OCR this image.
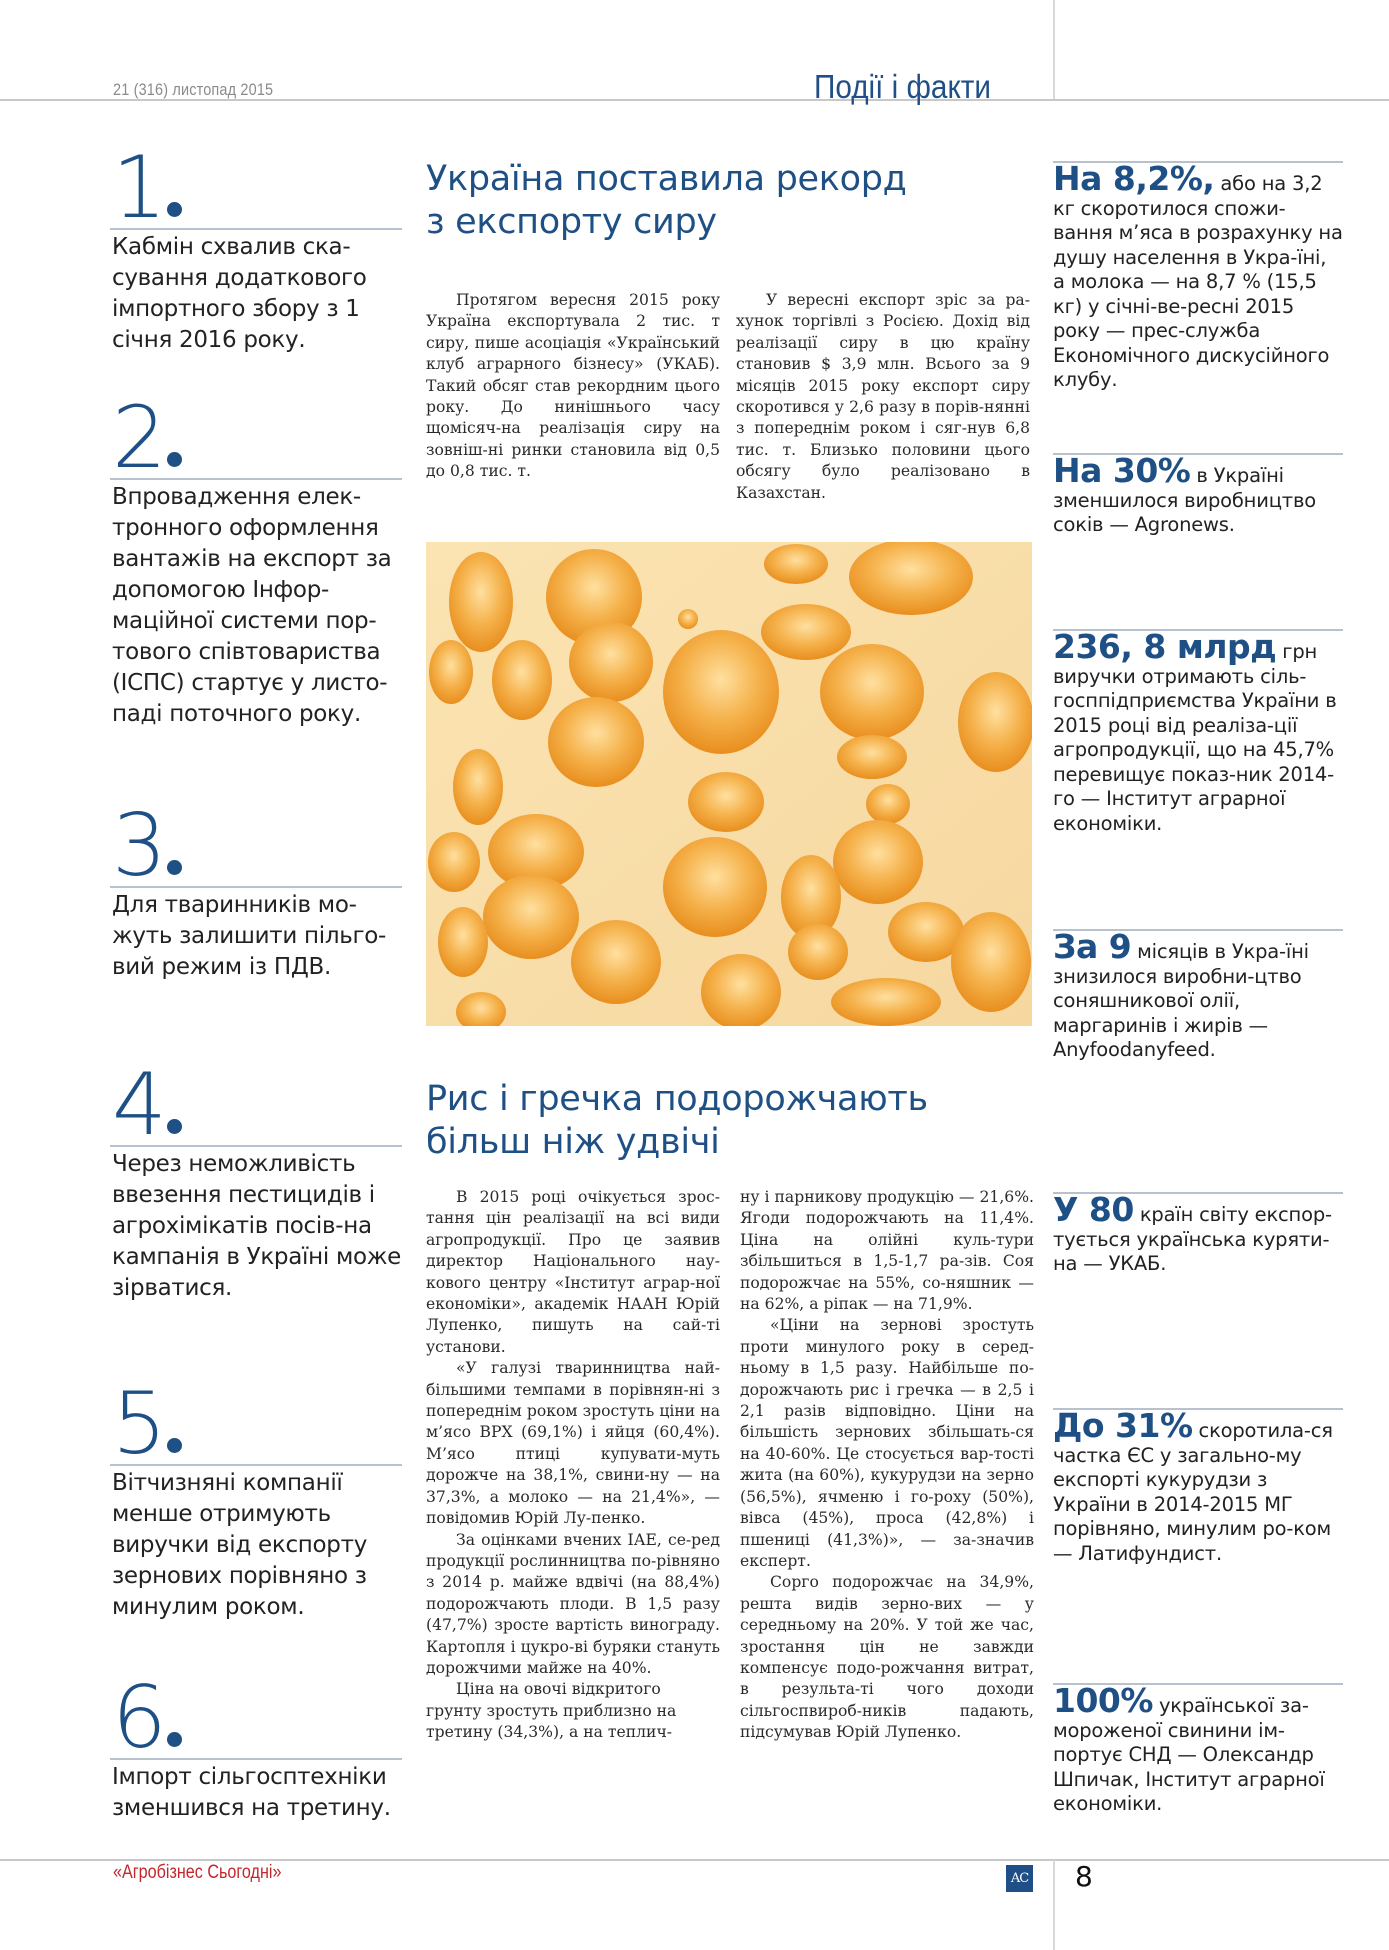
21 (316) листопад 2015	Події і факти
1
Кабмін схвалив ска-сування додаткового імпортного збору з 1 січня 2016 року.
2
Впровадження елек-тронного оформлення вантажів на експорт за допомогою Інфор-маційної системи пор-тового співтовариства (ІСПС) стартує у листо-паді поточного року.
3
Для тваринників мо-жуть залишити пільго-вий режим із ПДВ.
4
Через неможливість ввезення пестицидів і агрохімікатів посів-на кампанія в Україні може зірватися.
5
Вітчизняні компанії менше отримують виручки від експорту зернових порівняно з минулим роком.
6
Імпорт сільгосптехніки зменшився на третину.
Україна поставила рекорд
з експорту сиру

Протягом вересня 2015 року Україна експортувала 2 тис. т сиру, пише асоціація «Український клуб аграрного бізнесу» (УКАБ). Такий обсяг став рекордним цього року. До нинішнього часу щомісяч-на реалізація сиру на зовніш-ні ринки становила від 0,5 до 0,8 тис. т.

У вересні експорт зріс за ра-хунок торгівлі з Росією. Дохід від реалізації сиру в цю країну становив $ 3,9 млн. Всього за 9 місяців 2015 року експорт сиру скоротився у 2,6 разу в порів-нянні з попереднім роком і сяг-нув 6,8 тис. т. Близько половини цього обсягу було реалізовано в Казахстан.

Рис і гречка подорожчають
більш ніж удвічі

В 2015 році очікується зрос-тання цін реалізації на всі види агропродукції. Про це заявив директор Національного нау-кового центру «Інститут аграр-ної економіки», академік НААН Юрій Лупенко, пишуть на сай-ті установи.

«У галузі тваринництва най-більшими темпами в порівнян-ні з попереднім роком зростуть ціни на м’ясо ВРХ (69,1%) і яйця (60,4%). М’ясо птиці купувати-муть дорожче на 38,1%, свини-ну — на 37,3%, а молоко — на 21,4%», — повідомив Юрій Лу-пенко.

За оцінками вчених ІАЕ, се-ред продукції рослинництва по-рівняно з 2014 р. майже вдвічі (на 88,4%) подорожчають плоди. В 1,5 разу (47,7%) зросте вартість винограду. Картопля і цукро-ві буряки стануть дорожчими майже на 40%.

Ціна на овочі відкритого грунту зростуть приблизно на третину (34,3%), а на теплич-

ну і парникову продукцію — 21,6%. Ягоди подорожчають на 11,4%. Ціна на олійні куль-тури збільшиться в 1,5-1,7 ра-зів. Соя подорожчає на 55%, со-няшник — на 62%, а ріпак — на 71,9%.

«Ціни на зернові зростуть проти минулого року в серед-ньому в 1,5 разу. Найбільше по-дорожчають рис і гречка — в 2,5 і 2,1 разів відповідно. Ціни на більшість зернових збільшать-ся на 40-60%. Це стосується вар-тості жита (на 60%), кукурудзи на зерно (56,5%), ячменю і го-роху (50%), вівса (45%), проса (42,8%) і пшениці (41,3%)», — за-значив експерт.

Сорго подорожчає на 34,9%, решта видів зерно-вих — у середньому на 20%. У той же час, зростання цін не завжди компенсує подо-рожчання витрат, в результа-ті чого доходи сільгоспвироб-ників падають, підсумував Юрій Лупенко.

На 8,2%, або на 3,2 кг скоротилося спожи-вання м’яса в розрахунку на душу населення в Укра-їні, а молока — на 8,7 % (15,5 кг) у січні-ве-ресні 2015 року — прес-служба Економічного дискусійного клубу.
На 30% в Україні зменшилося виробництво соків — Agronews.
236, 8 млрд грн виручки отримають сіль-госппідприємства України в 2015 році від реаліза-ції агропродукції, що на 45,7% перевищує показ-ник 2014-го — Інститут аграрної економіки.
За 9 місяців в Укра-їні знизилося виробни-цтво соняшникової олії, маргаринів і жирів — Anyfoodanyfeed.
У 80 країн світу експор-тується українська куряти-на — УКАБ.
До 31% скоротила-ся частка ЄС у загально-му експорті кукурудзи з України в 2014-2015 МГ порівняно, минулим ро-ком — Латифундист.
100% української за-мороженої свинини ім-портує СНД — Олександр Шпичак, Інститут аграрної економіки.
«Агробізнес Сьогодні»	AC 8
